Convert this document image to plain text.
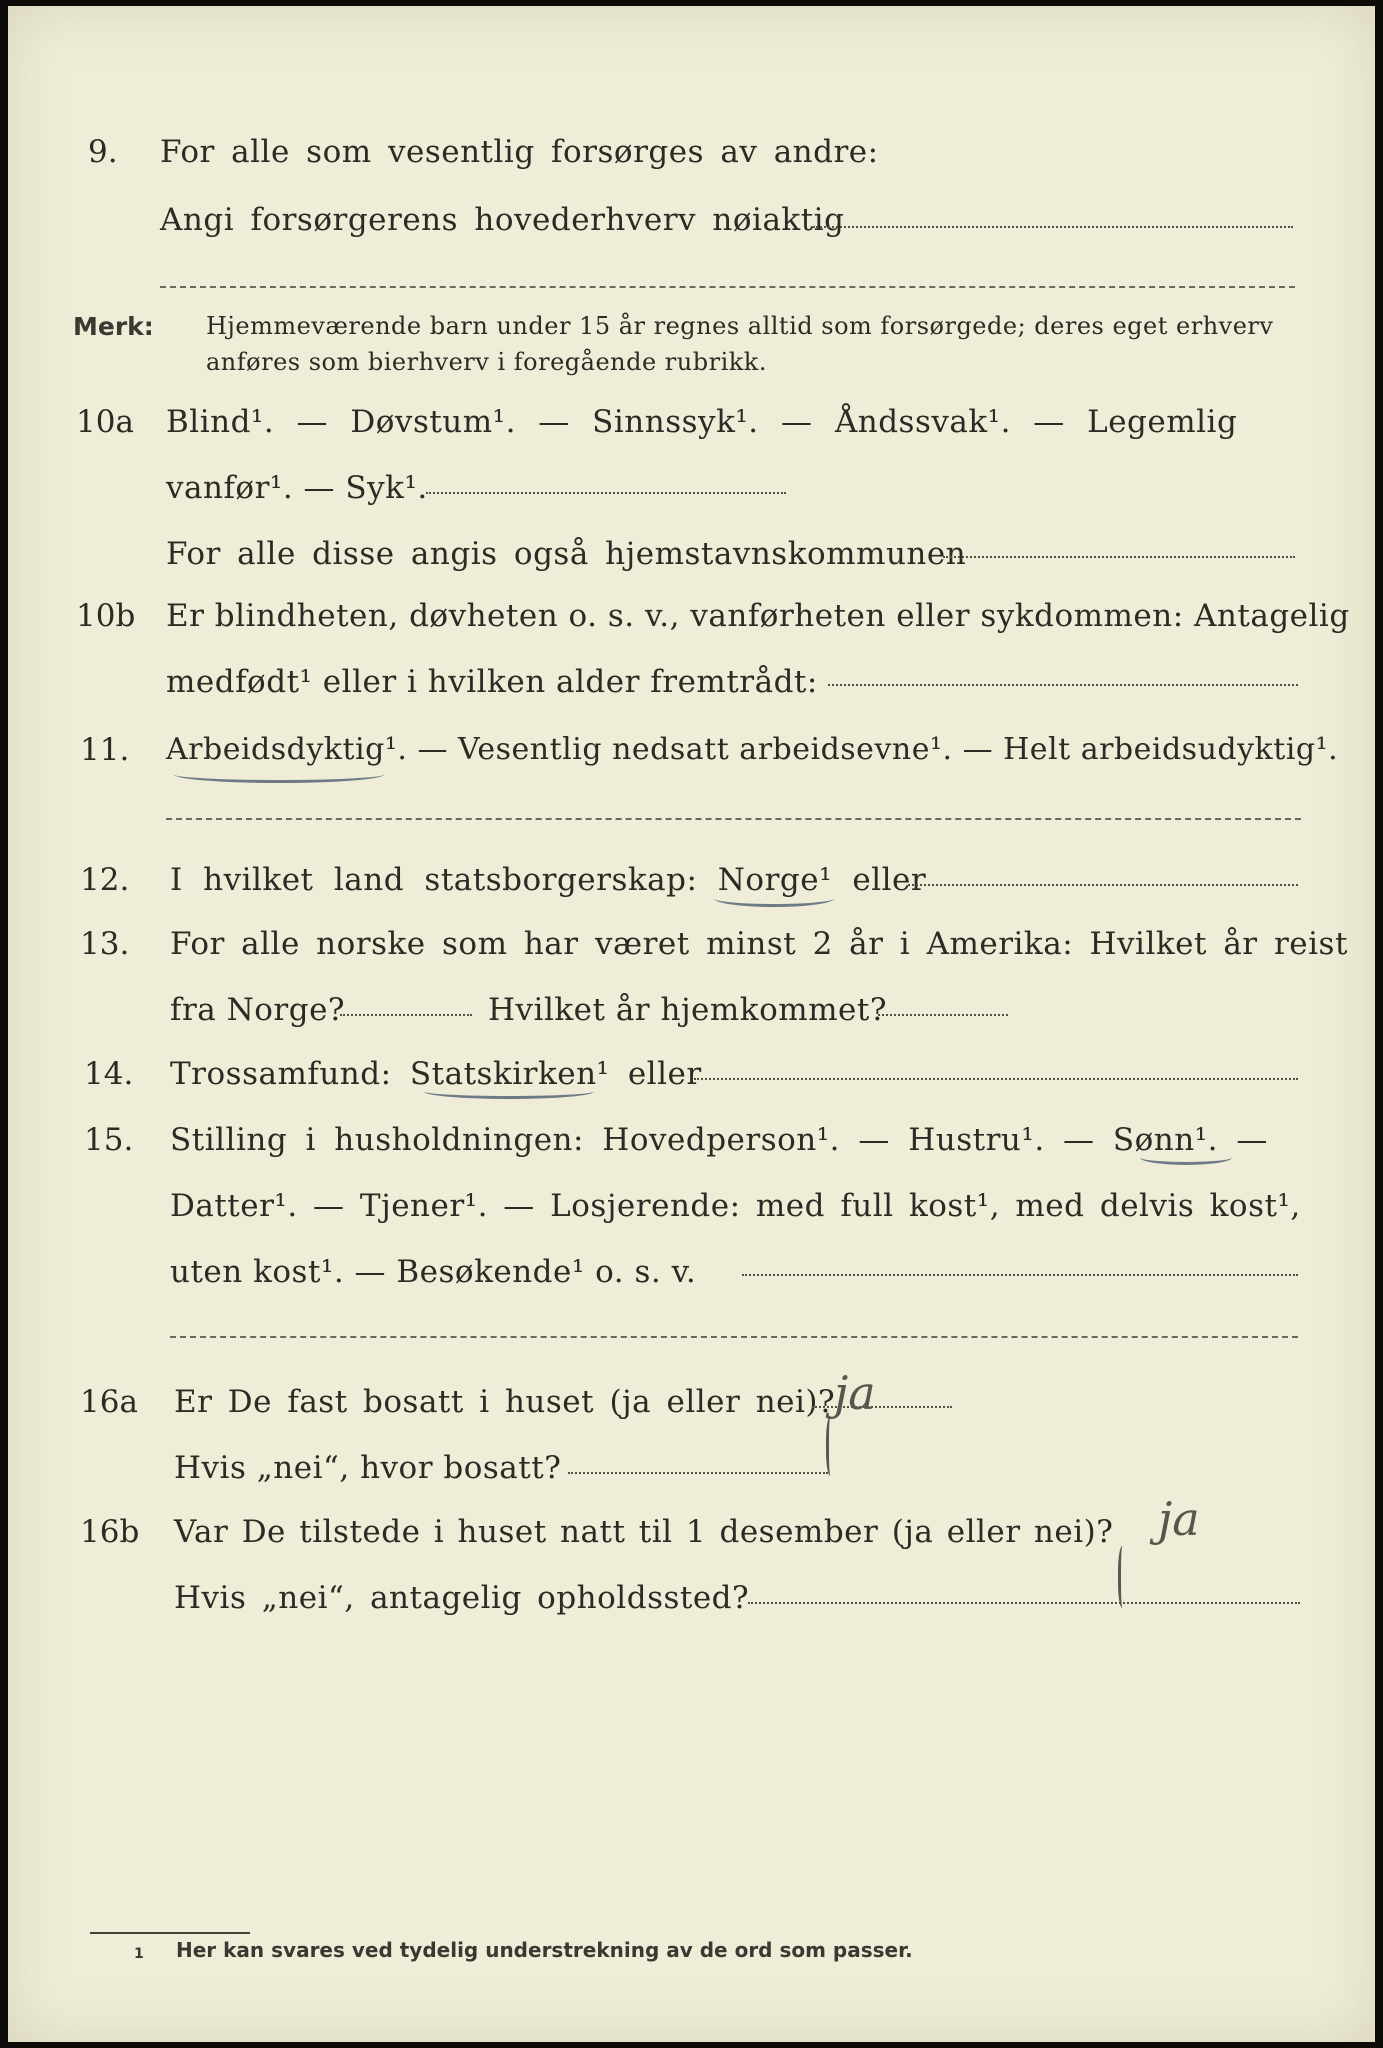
9. For alle som vesentlig forsørges av andre:
Angi forsørgerens hovederhverv nøiaktig
Merk: Hjemmeværende barn under 15 år regnes alltid som forsørgede; deres eget erhverv
anføres som bierhverv i foregående rubrikk.
10a Blind¹. — Døvstum¹. — Sinnssyk¹. — Åndssvak¹. — Legemlig
vanfør¹. — Syk¹.
For alle disse angis også hjemstavnskommunen
10b Er blindheten, døvheten o. s. v., vanførheten eller sykdommen: Antagelig
medfødt¹ eller i hvilken alder fremtrådt:
11. Arbeidsdyktig¹. — Vesentlig nedsatt arbeidsevne¹. — Helt arbeidsudyktig¹.
12. I hvilket land statsborgerskap: Norge¹ eller
13. For alle norske som har været minst 2 år i Amerika: Hvilket år reist
fra Norge?	Hvilket år hjemkommet?
14. Trossamfund: Statskirken¹ eller
15. Stilling i husholdningen: Hovedperson¹. — Hustru¹. — Sønn¹. —
Datter¹. — Tjener¹. — Losjerende: med full kost¹, med delvis kost¹,
uten kost¹. — Besøkende¹ o. s. v.
16a Er De fast bosatt i huset (ja eller nei)?
ja
Hvis „nei“, hvor bosatt?
16b Var De tilstede i huset natt til 1 desember (ja eller nei)? ja
Hvis „nei“, antagelig opholdssted?
1 Her kan svares ved tydelig understrekning av de ord som passer.
